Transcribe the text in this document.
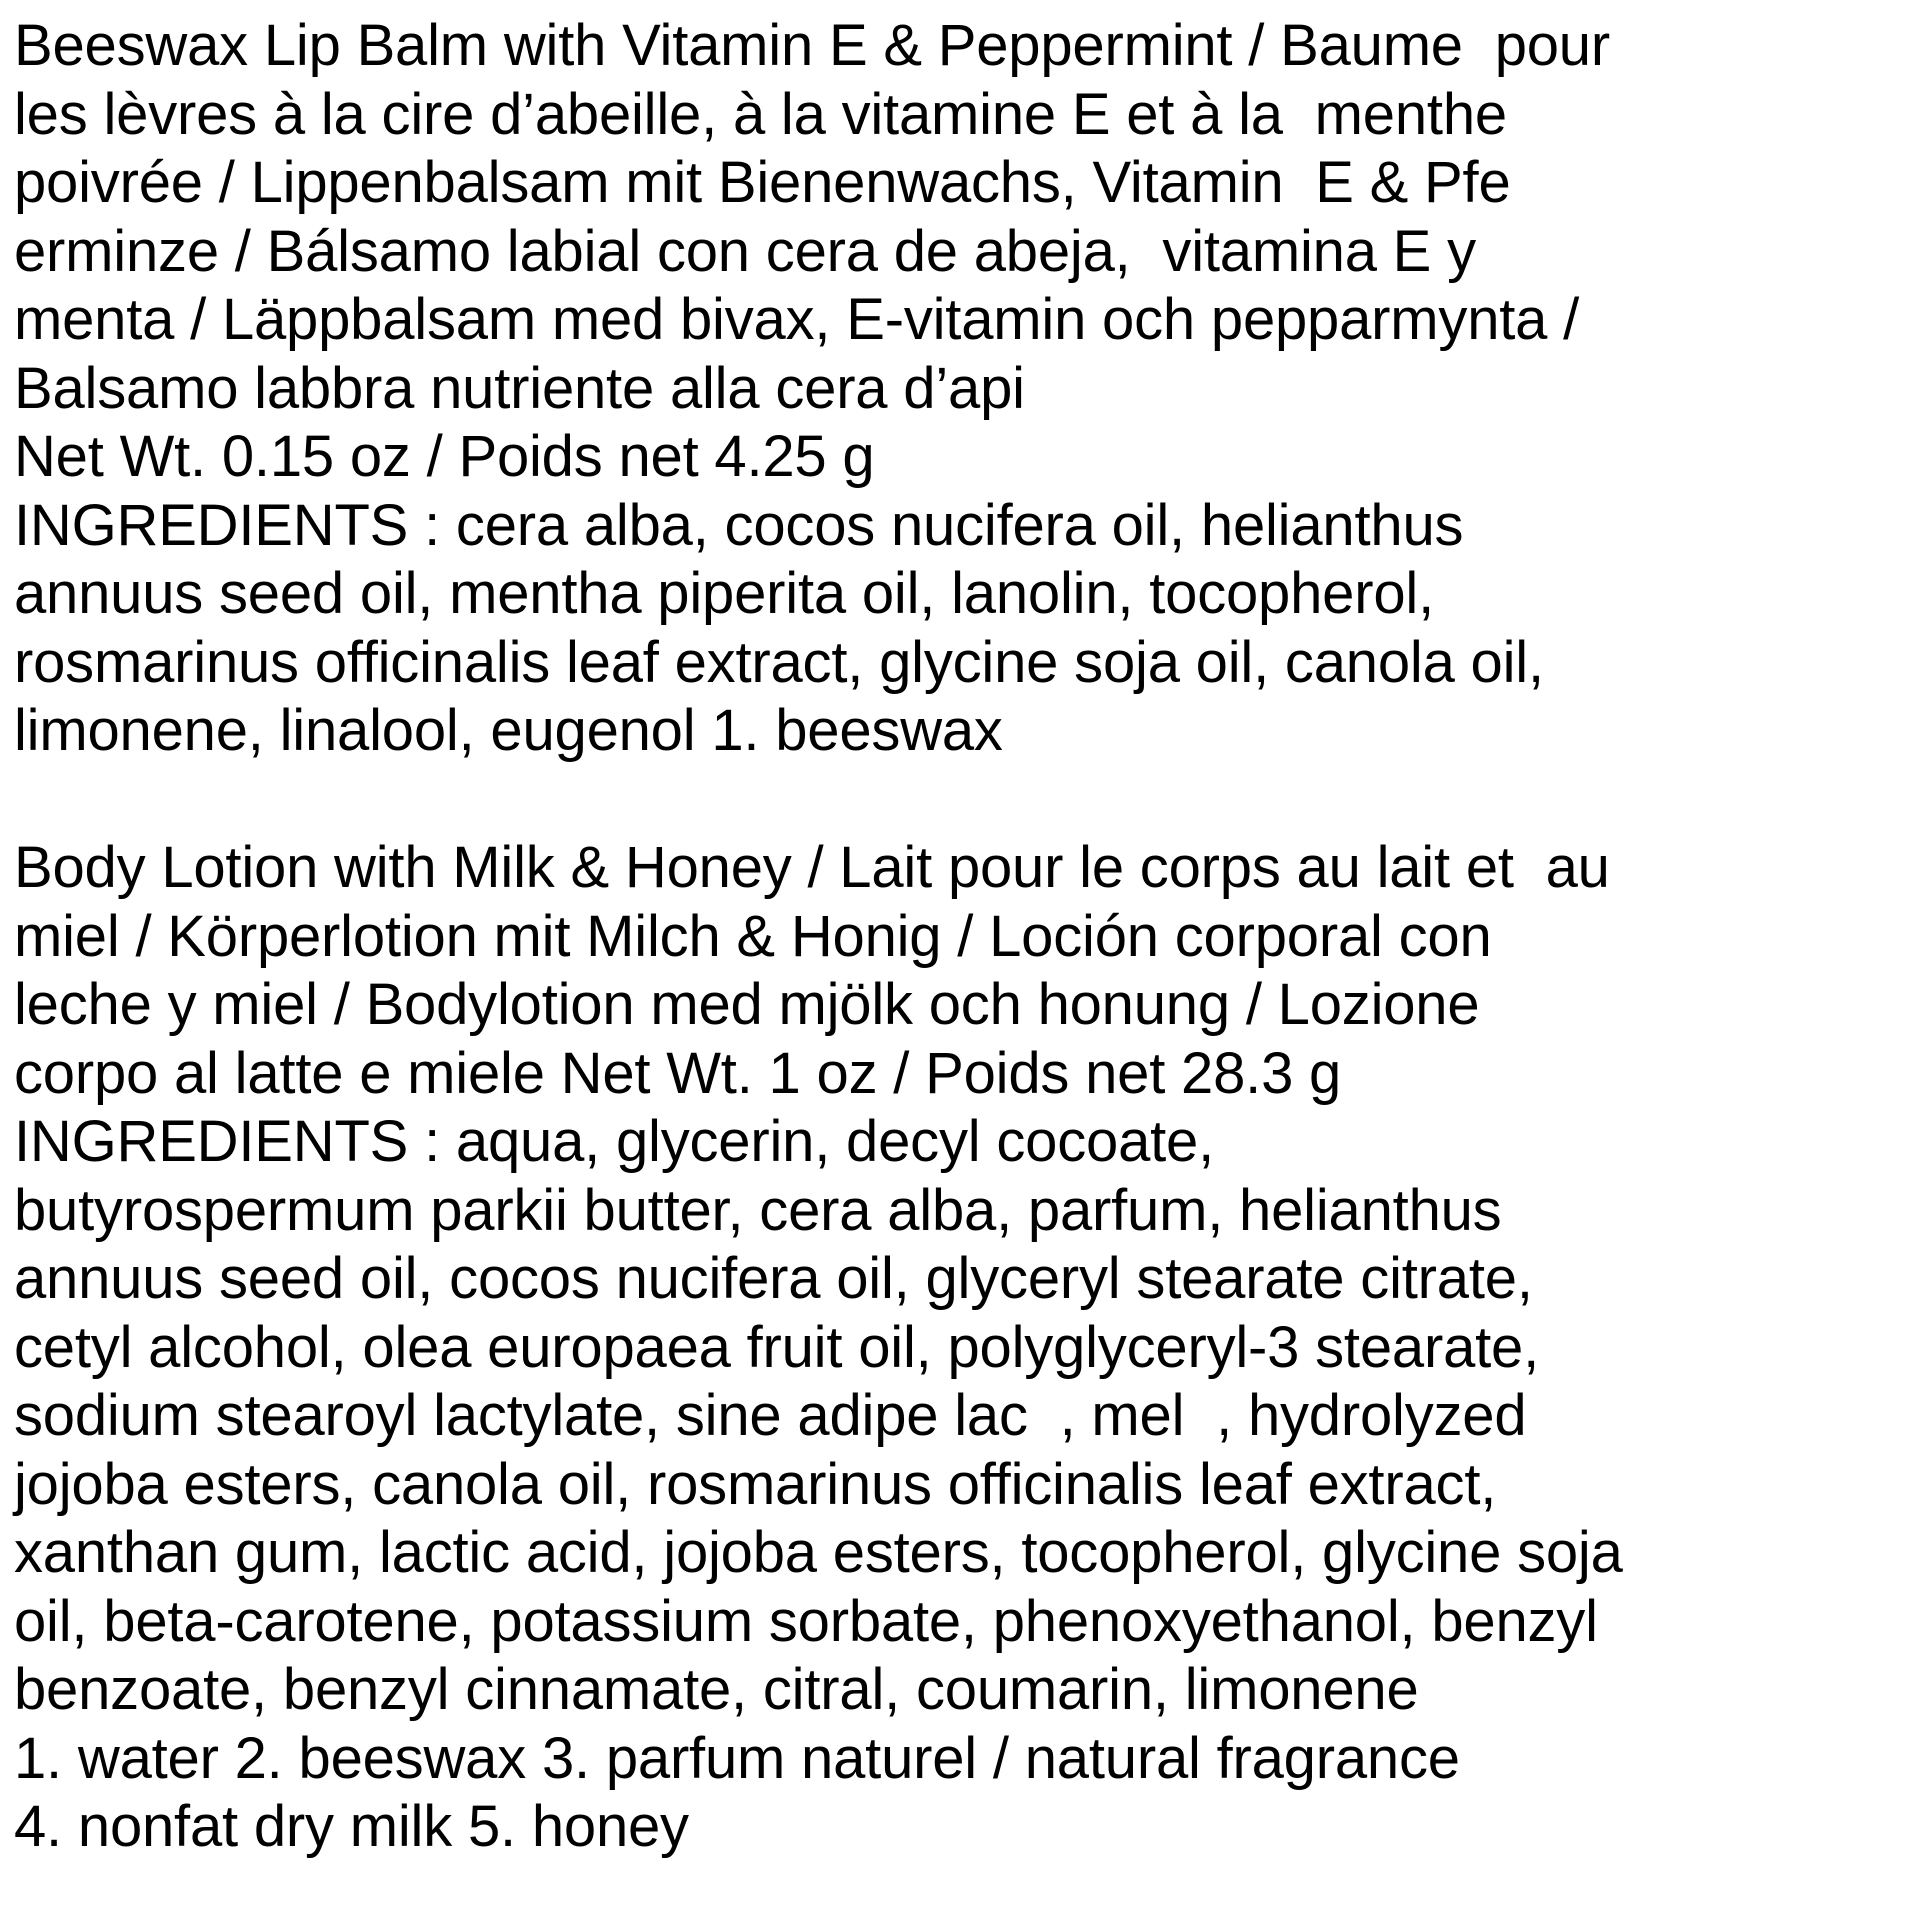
Beeswax Lip Balm with Vitamin E & Peppermint / Baume  pour
les lèvres à la cire d’abeille, à la vitamine E et à la  menthe
poivrée / Lippenbalsam mit Bienenwachs, Vitamin  E & Pfe
erminze / Bálsamo labial con cera de abeja,  vitamina E y
menta / Läppbalsam med bivax, E-vitamin och pepparmynta /
Balsamo labbra nutriente alla cera d’api
Net Wt. 0.15 oz / Poids net 4.25 g
INGREDIENTS : cera alba, cocos nucifera oil, helianthus
annuus seed oil, mentha piperita oil, lanolin, tocopherol,
rosmarinus officinalis leaf extract, glycine soja oil, canola oil,
limonene, linalool, eugenol 1. beeswax
Body Lotion with Milk & Honey / Lait pour le corps au lait et  au
miel / Körperlotion mit Milch & Honig / Loción corporal con
leche y miel / Bodylotion med mjölk och honung / Lozione
corpo al latte e miele Net Wt. 1 oz / Poids net 28.3 g
INGREDIENTS : aqua, glycerin, decyl cocoate,
butyrospermum parkii butter, cera alba, parfum, helianthus
annuus seed oil, cocos nucifera oil, glyceryl stearate citrate,
cetyl alcohol, olea europaea fruit oil, polyglyceryl-3 stearate,
sodium stearoyl lactylate, sine adipe lac  , mel  , hydrolyzed
jojoba esters, canola oil, rosmarinus officinalis leaf extract,
xanthan gum, lactic acid, jojoba esters, tocopherol, glycine soja
oil, beta-carotene, potassium sorbate, phenoxyethanol, benzyl
benzoate, benzyl cinnamate, citral, coumarin, limonene
1. water 2. beeswax 3. parfum naturel / natural fragrance
4. nonfat dry milk 5. honey
